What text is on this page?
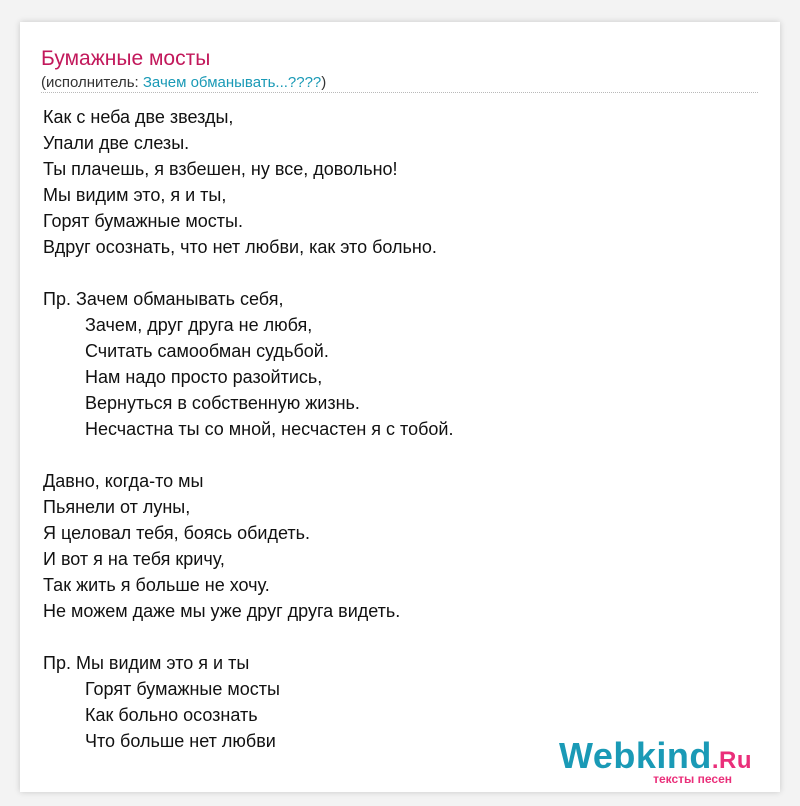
Бумажные мосты
(исполнитель: Зачем обманывать...????)
Как с неба две звезды,
Упали две слезы.
Ты плачешь, я взбешен, ну все, довольно!
Мы видим это, я и ты,
Горят бумажные мосты.
Вдруг осознать, что нет любви, как это больно.
Пр. Зачем обманывать себя,
Зачем, друг друга не любя,
Считать самообман судьбой.
Нам надо просто разойтись,
Вернуться в собственную жизнь.
Несчастна ты со мной, несчастен я с тобой.
Давно, когда-то мы
Пьянели от луны,
Я целовал тебя, боясь обидеть.
И вот я на тебя кричу,
Так жить я больше не хочу.
Не можем даже мы уже друг друга видеть.
Пр. Мы видим это я и ты
Горят бумажные мосты
Как больно осознать
Что больше нет любви	Webkind.Ru
тексты песен
